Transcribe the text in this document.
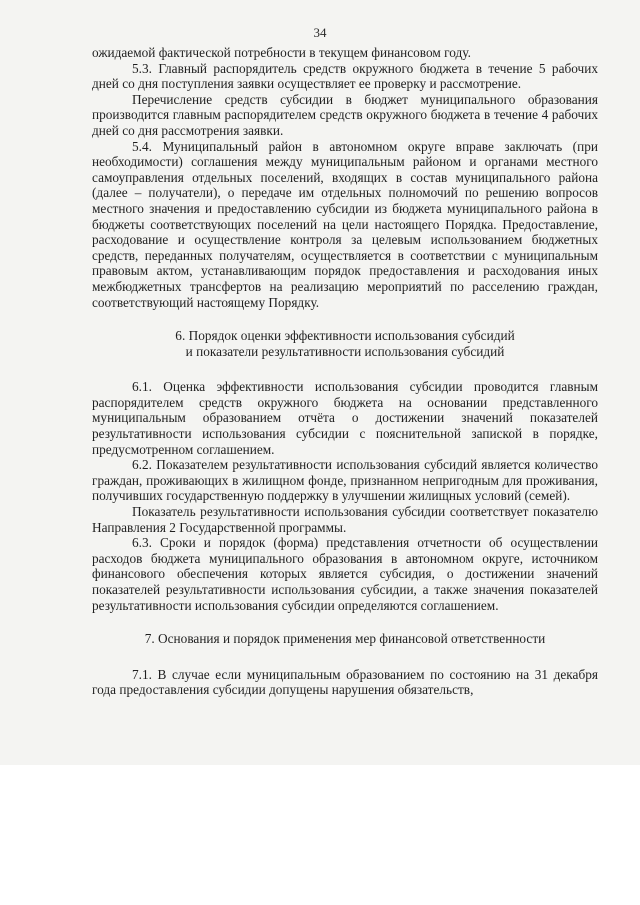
34

ожидаемой фактической потребности в текущем финансовом году.

5.3. Главный распорядитель средств окружного бюджета в течение 5 рабочих дней со дня поступления заявки осуществляет ее проверку и рассмотрение.

Перечисление средств субсидии в бюджет муниципального образования производится главным распорядителем средств окружного бюджета в течение 4 рабочих дней со дня рассмотрения заявки.

5.4. Муниципальный район в автономном округе вправе заключать (при необходимости) соглашения между муниципальным районом и органами местного самоуправления отдельных поселений, входящих в состав муниципального района (далее – получатели), о передаче им отдельных полномочий по решению вопросов местного значения и предоставлению субсидии из бюджета муниципального района в бюджеты соответствующих поселений на цели настоящего Порядка. Предоставление, расходование и осуществление контроля за целевым использованием бюджетных средств, переданных получателям, осуществляется в соответствии с муниципальным правовым актом, устанавливающим порядок предоставления и расходования иных межбюджетных трансфертов на реализацию мероприятий по расселению граждан, соответствующий настоящему Порядку.

6. Порядок оценки эффективности использования субсидий
и показатели результативности использования субсидий

6.1. Оценка эффективности использования субсидии проводится главным распорядителем средств окружного бюджета на основании представленного муниципальным образованием отчёта о достижении значений показателей результативности использования субсидии с пояснительной запиской в порядке, предусмотренном соглашением.

6.2. Показателем результативности использования субсидий является количество граждан, проживающих в жилищном фонде, признанном непригодным для проживания, получивших государственную поддержку в улучшении жилищных условий (семей).

Показатель результативности использования субсидии соответствует показателю Направления 2 Государственной программы.

6.3. Сроки и порядок (форма) представления отчетности об осуществлении расходов бюджета муниципального образования в автономном округе, источником финансового обеспечения которых является субсидия, о достижении значений показателей результативности использования субсидии, а также значения показателей результативности использования субсидии определяются соглашением.

7. Основания и порядок применения мер финансовой ответственности

7.1. В случае если муниципальным образованием по состоянию на 31 декабря года предоставления субсидии допущены нарушения обязательств,
